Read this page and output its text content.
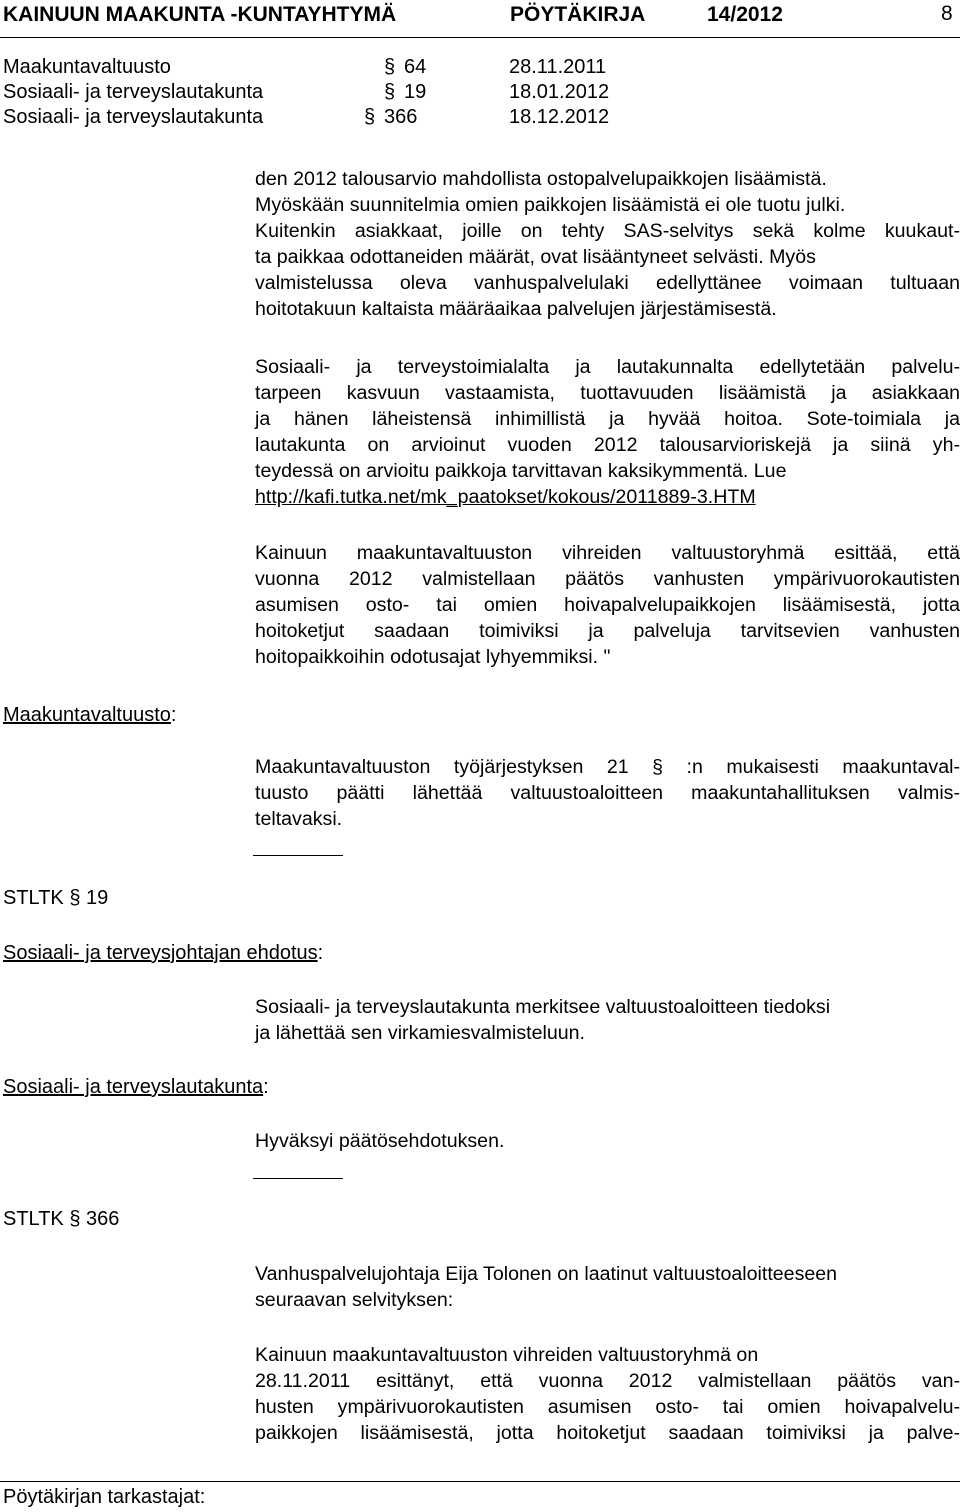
KAINUUN MAAKUNTA -KUNTAYHTYMÄ	PÖYTÄKIRJA	14/2012	8
Maakuntavaltuusto	§ 64	28.11.2011
Sosiaali- ja terveyslautakunta	§ 19	18.01.2012
Sosiaali- ja terveyslautakunta	§ 366	18.12.2012
den 2012 talousarvio mahdollista ostopalvelupaikkojen lisäämistä.
Myöskään suunnitelmia omien paikkojen lisäämistä ei ole tuotu julki.
Kuitenkin asiakkaat, joille on tehty SAS-selvitys sekä kolme kuukaut-
ta paikkaa odottaneiden määrät, ovat lisääntyneet selvästi. Myös
valmistelussa oleva vanhuspalvelulaki edellyttänee voimaan tultuaan
hoitotakuun kaltaista määräaikaa palvelujen järjestämisestä.
Sosiaali- ja terveystoimialalta ja lautakunnalta edellytetään palvelu-
tarpeen kasvuun vastaamista, tuottavuuden lisäämistä ja asiakkaan
ja hänen läheistensä inhimillistä ja hyvää hoitoa. Sote-toimiala ja
lautakunta on arvioinut vuoden 2012 talousarvioriskejä ja siinä yh-
teydessä on arvioitu paikkoja tarvittavan kaksikymmentä. Lue
http://kafi.tutka.net/mk_paatokset/kokous/2011889-3.HTM
Kainuun maakuntavaltuuston vihreiden valtuustoryhmä esittää, että
vuonna 2012 valmistellaan päätös vanhusten ympärivuorokautisten
asumisen osto- tai omien hoivapalvelupaikkojen lisäämisestä, jotta
hoitoketjut saadaan toimiviksi ja palveluja tarvitsevien vanhusten
hoitopaikkoihin odotusajat lyhyemmiksi. "
Maakuntavaltuusto:
Maakuntavaltuuston työjärjestyksen 21 § :n mukaisesti maakuntaval-
tuusto päätti lähettää valtuustoaloitteen maakuntahallituksen valmis-
teltavaksi.
STLTK § 19
Sosiaali- ja terveysjohtajan ehdotus:
Sosiaali- ja terveyslautakunta merkitsee valtuustoaloitteen tiedoksi
ja lähettää sen virkamiesvalmisteluun.
Sosiaali- ja terveyslautakunta:
Hyväksyi päätösehdotuksen.
STLTK § 366
Vanhuspalvelujohtaja Eija Tolonen on laatinut valtuustoaloitteeseen
seuraavan selvityksen:
Kainuun maakuntavaltuuston vihreiden valtuustoryhmä on
28.11.2011 esittänyt, että vuonna 2012 valmistellaan päätös van-
husten ympärivuorokautisten asumisen osto- tai omien hoivapalvelu-
paikkojen lisäämisestä, jotta hoitoketjut saadaan toimiviksi ja palve-
Pöytäkirjan tarkastajat:
